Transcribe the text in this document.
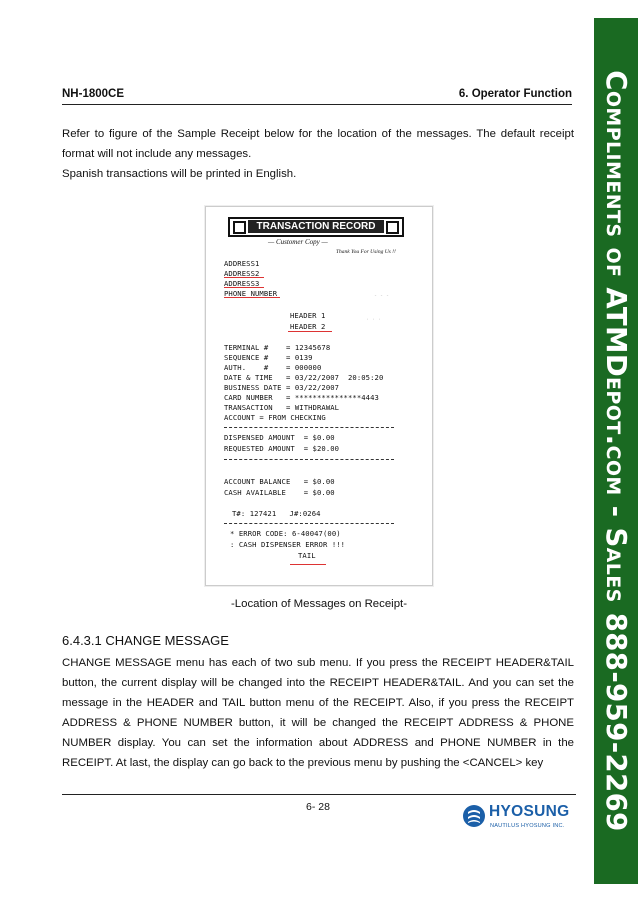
NH-1800CE	6. Operator Function

Refer to figure of the Sample Receipt below for the location of the messages. The default receipt format will not include any messages.

Spanish transactions will be printed in English.

TRANSACTION RECORD
— Customer Copy —
Thank You For Using Us !!
ADDRESS1
ADDRESS2
ADDRESS3
PHONE NUMBER	- - -
· · ·
HEADER 1
HEADER 2
TERMINAL #    = 12345678
SEQUENCE #    = 0139
AUTH.    #    = 000000
DATE & TIME   = 03/22/2007  20:05:20
BUSINESS DATE = 03/22/2007
CARD NUMBER   = ***************4443
TRANSACTION   = WITHDRAWAL
ACCOUNT = FROM CHECKING
DISPENSED AMOUNT  = $0.00
REQUESTED AMOUNT  = $20.00
ACCOUNT BALANCE   = $0.00
CASH AVAILABLE    = $0.00
T#: 127421   J#:0264
* ERROR CODE: 6-40047(00)
: CASH DISPENSER ERROR !!!
TAIL
-Location of Messages on Receipt-
6.4.3.1 CHANGE MESSAGE

CHANGE MESSAGE menu has each of two sub menu. If you press the RECEIPT HEADER&TAIL button, the current display will be changed into the RECEIPT HEADER&TAIL. And you can set the message in the HEADER and TAIL button menu of the RECEIPT. Also, if you press the RECEIPT ADDRESS & PHONE NUMBER button, it will be changed the RECEIPT ADDRESS & PHONE NUMBER display. You can set the information about ADDRESS and PHONE NUMBER in the RECEIPT. At last, the display can go back to the previous menu by pushing the <CANCEL> key

6- 28	HYOSUNG
NAUTILUS HYOSUNG INC. Compliments of ATMDepot.com - Sales 888-959-2269
